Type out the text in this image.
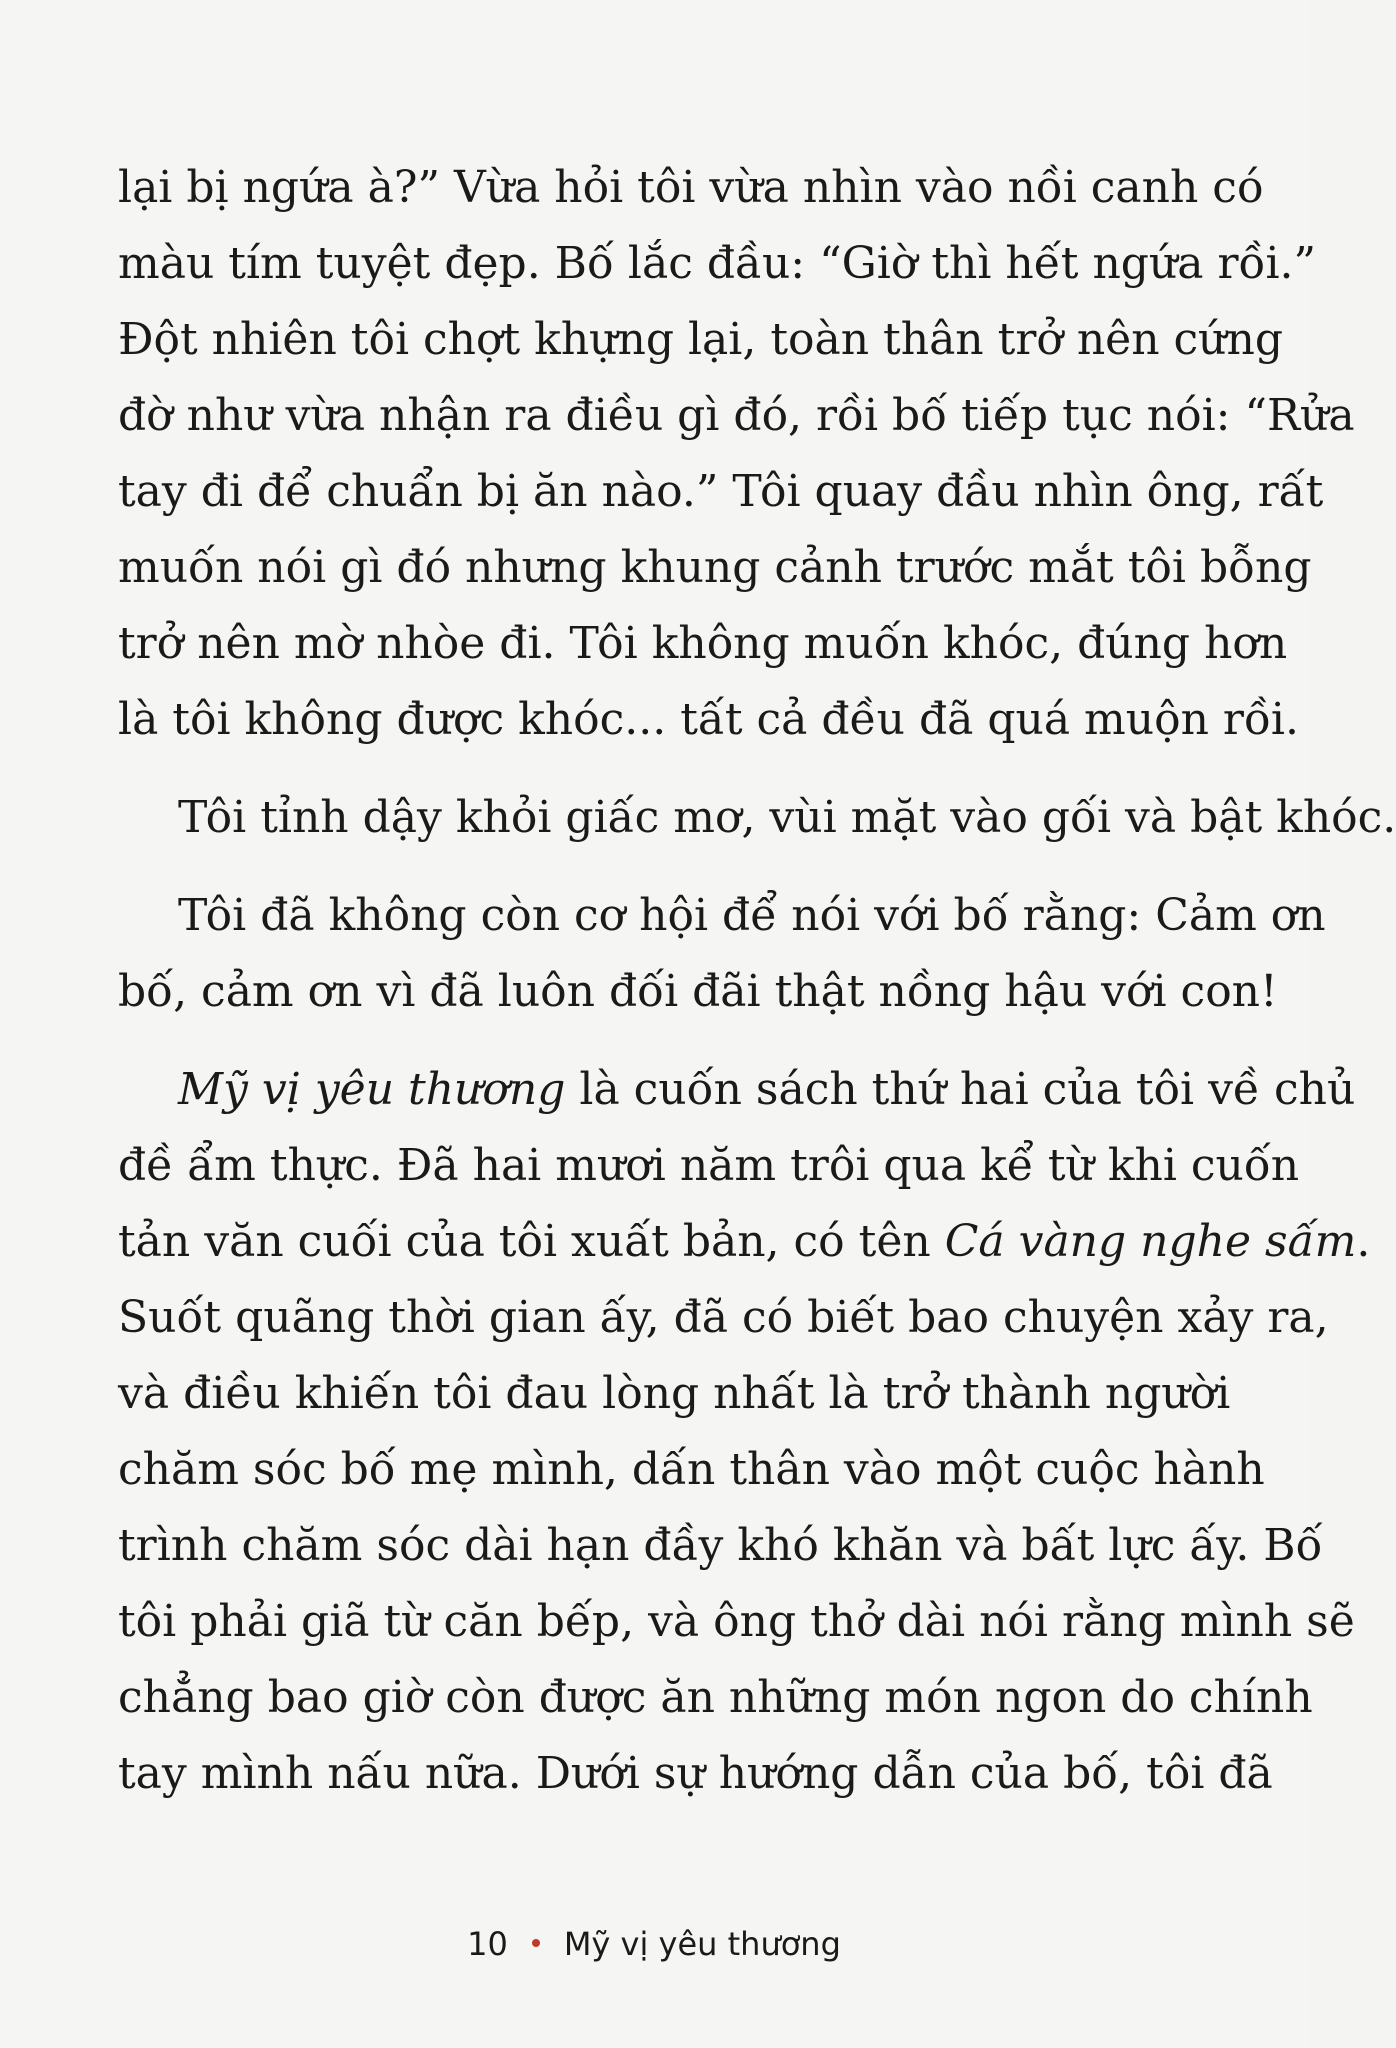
lại bị ngứa à?” Vừa hỏi tôi vừa nhìn vào nồi canh có
màu tím tuyệt đẹp. Bố lắc đầu: “Giờ thì hết ngứa rồi.”
Đột nhiên tôi chợt khựng lại, toàn thân trở nên cứng
đờ như vừa nhận ra điều gì đó, rồi bố tiếp tục nói: “Rửa
tay đi để chuẩn bị ăn nào.” Tôi quay đầu nhìn ông, rất
muốn nói gì đó nhưng khung cảnh trước mắt tôi bỗng
trở nên mờ nhòe đi. Tôi không muốn khóc, đúng hơn
là tôi không được khóc... tất cả đều đã quá muộn rồi.

Tôi tỉnh dậy khỏi giấc mơ, vùi mặt vào gối và bật khóc.

Tôi đã không còn cơ hội để nói với bố rằng: Cảm ơn
bố, cảm ơn vì đã luôn đối đãi thật nồng hậu với con!

Mỹ vị yêu thương là cuốn sách thứ hai của tôi về chủ
đề ẩm thực. Đã hai mươi năm trôi qua kể từ khi cuốn
tản văn cuối của tôi xuất bản, có tên Cá vàng nghe sấm.
Suốt quãng thời gian ấy, đã có biết bao chuyện xảy ra,
và điều khiến tôi đau lòng nhất là trở thành người
chăm sóc bố mẹ mình, dấn thân vào một cuộc hành
trình chăm sóc dài hạn đầy khó khăn và bất lực ấy. Bố
tôi phải giã từ căn bếp, và ông thở dài nói rằng mình sẽ
chẳng bao giờ còn được ăn những món ngon do chính
tay mình nấu nữa. Dưới sự hướng dẫn của bố, tôi đã

10 Mỹ vị yêu thương
